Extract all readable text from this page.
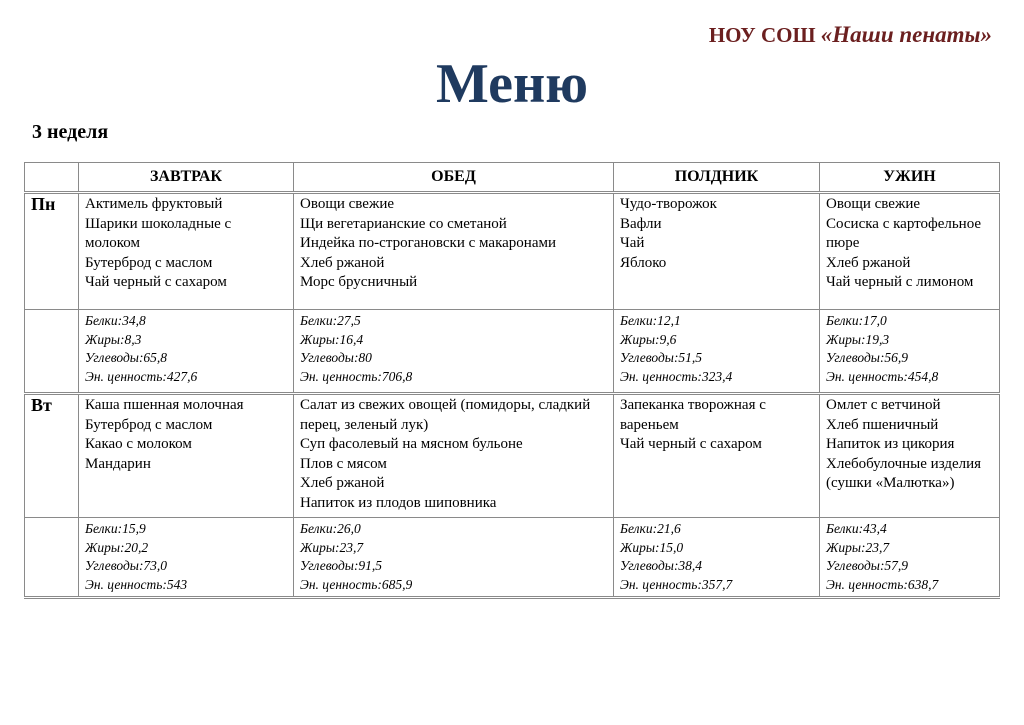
НОУ СОШ «Наши пенаты»
Меню
3 неделя
	ЗАВТРАК	ОБЕД	ПОЛДНИК	УЖИН
Пн	Актимель фруктовый
Шарики шоколадные с молоком
Бутерброд с маслом
Чай черный с сахаром	Овощи свежие
Щи вегетарианские со сметаной
Индейка по-строгановски с макаронами
Хлеб ржаной
Морс брусничный	Чудо-творожок
Вафли
Чай
Яблоко	Овощи свежие
Сосиска с картофельное пюре
Хлеб ржаной
Чай черный с лимоном

	Белки:34,8
Жиры:8,3
Углеводы:65,8
Эн. ценность:427,6	Белки:27,5
Жиры:16,4
Углеводы:80
Эн. ценность:706,8	Белки:12,1
Жиры:9,6
Углеводы:51,5
Эн. ценность:323,4	Белки:17,0
Жиры:19,3
Углеводы:56,9
Эн. ценность:454,8

Вт	Каша пшенная молочная
Бутерброд с маслом
Какао с молоком
Мандарин	Салат из свежих овощей (помидоры, сладкий перец, зеленый лук)
Суп фасолевый на мясном бульоне
Плов с мясом
Хлеб ржаной
Напиток из плодов шиповника	Запеканка творожная с вареньем
Чай черный с сахаром	Омлет с ветчиной
Хлеб пшеничный
Напиток из цикория
Хлебобулочные изделия (сушки «Малютка»)

	Белки:15,9
Жиры:20,2
Углеводы:73,0
Эн. ценность:543	Белки:26,0
Жиры:23,7
Углеводы:91,5
Эн. ценность:685,9	Белки:21,6
Жиры:15,0
Углеводы:38,4
Эн. ценность:357,7	Белки:43,4
Жиры:23,7
Углеводы:57,9
Эн. ценность:638,7
